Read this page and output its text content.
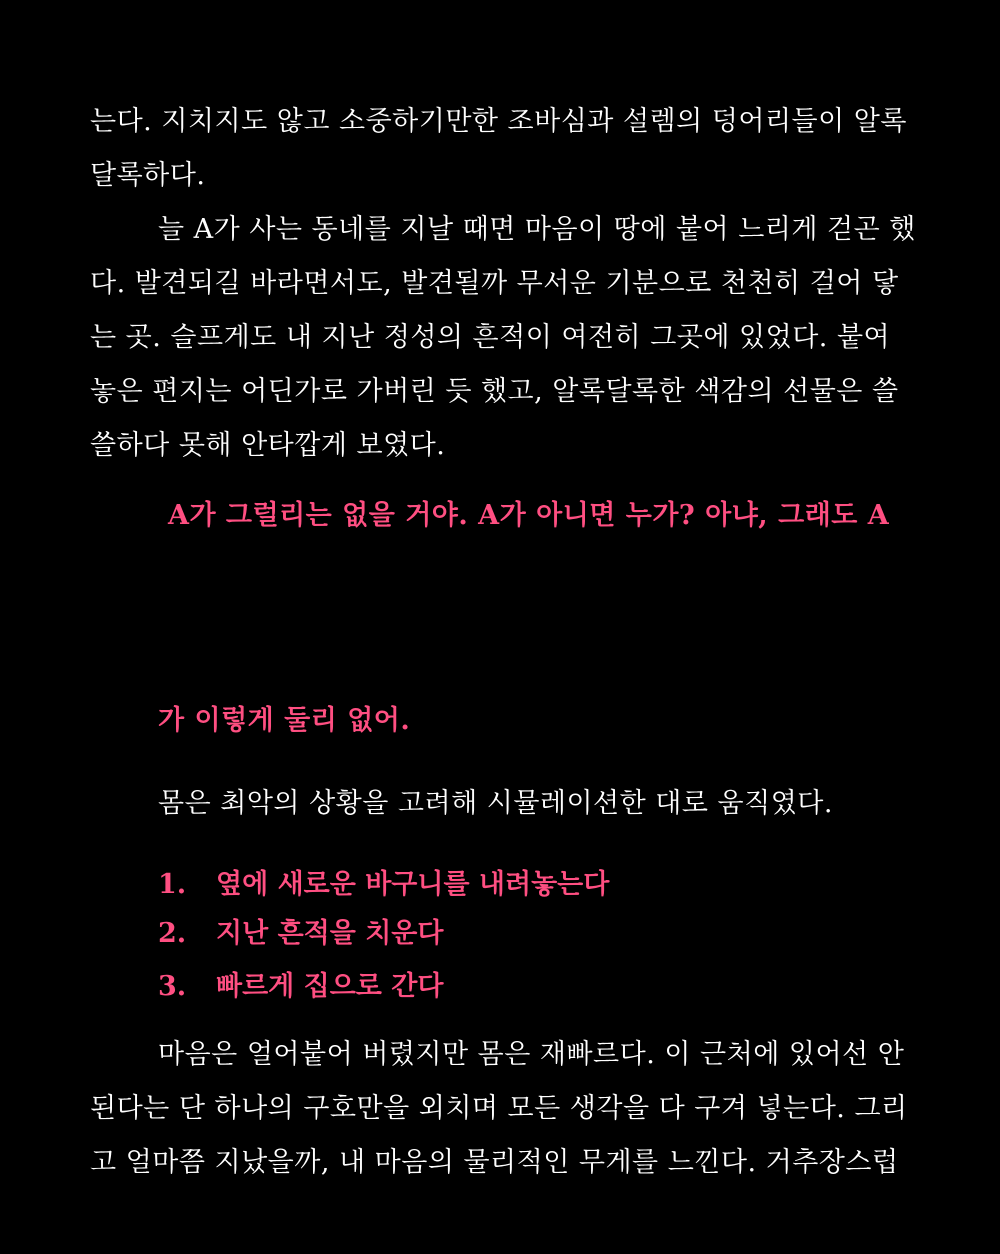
는다. 지치지도 않고 소중하기만한 조바심과 설렘의 덩어리들이 알록
달록하다.

늘 A가 사는 동네를 지날 때면 마음이 땅에 붙어 느리게 걷곤 했
다. 발견되길 바라면서도, 발견될까 무서운 기분으로 천천히 걸어 닿
는 곳. 슬프게도 내 지난 정성의 흔적이 여전히 그곳에 있었다. 붙여
놓은 편지는 어딘가로 가버린 듯 했고, 알록달록한 색감의 선물은 쓸
쓸하다 못해 안타깝게 보였다.

A가 그럴리는 없을 거야. A가 아니면 누가? 아냐, 그래도 A
가 이렇게 둘리 없어.

몸은 최악의 상황을 고려해 시뮬레이션한 대로 움직였다.

1. 옆에 새로운 바구니를 내려놓는다
2. 지난 흔적을 치운다
3. 빠르게 집으로 간다

마음은 얼어붙어 버렸지만 몸은 재빠르다. 이 근처에 있어선 안
된다는 단 하나의 구호만을 외치며 모든 생각을 다 구겨 넣는다. 그리
고 얼마쯤 지났을까, 내 마음의 물리적인 무게를 느낀다. 거추장스럽
